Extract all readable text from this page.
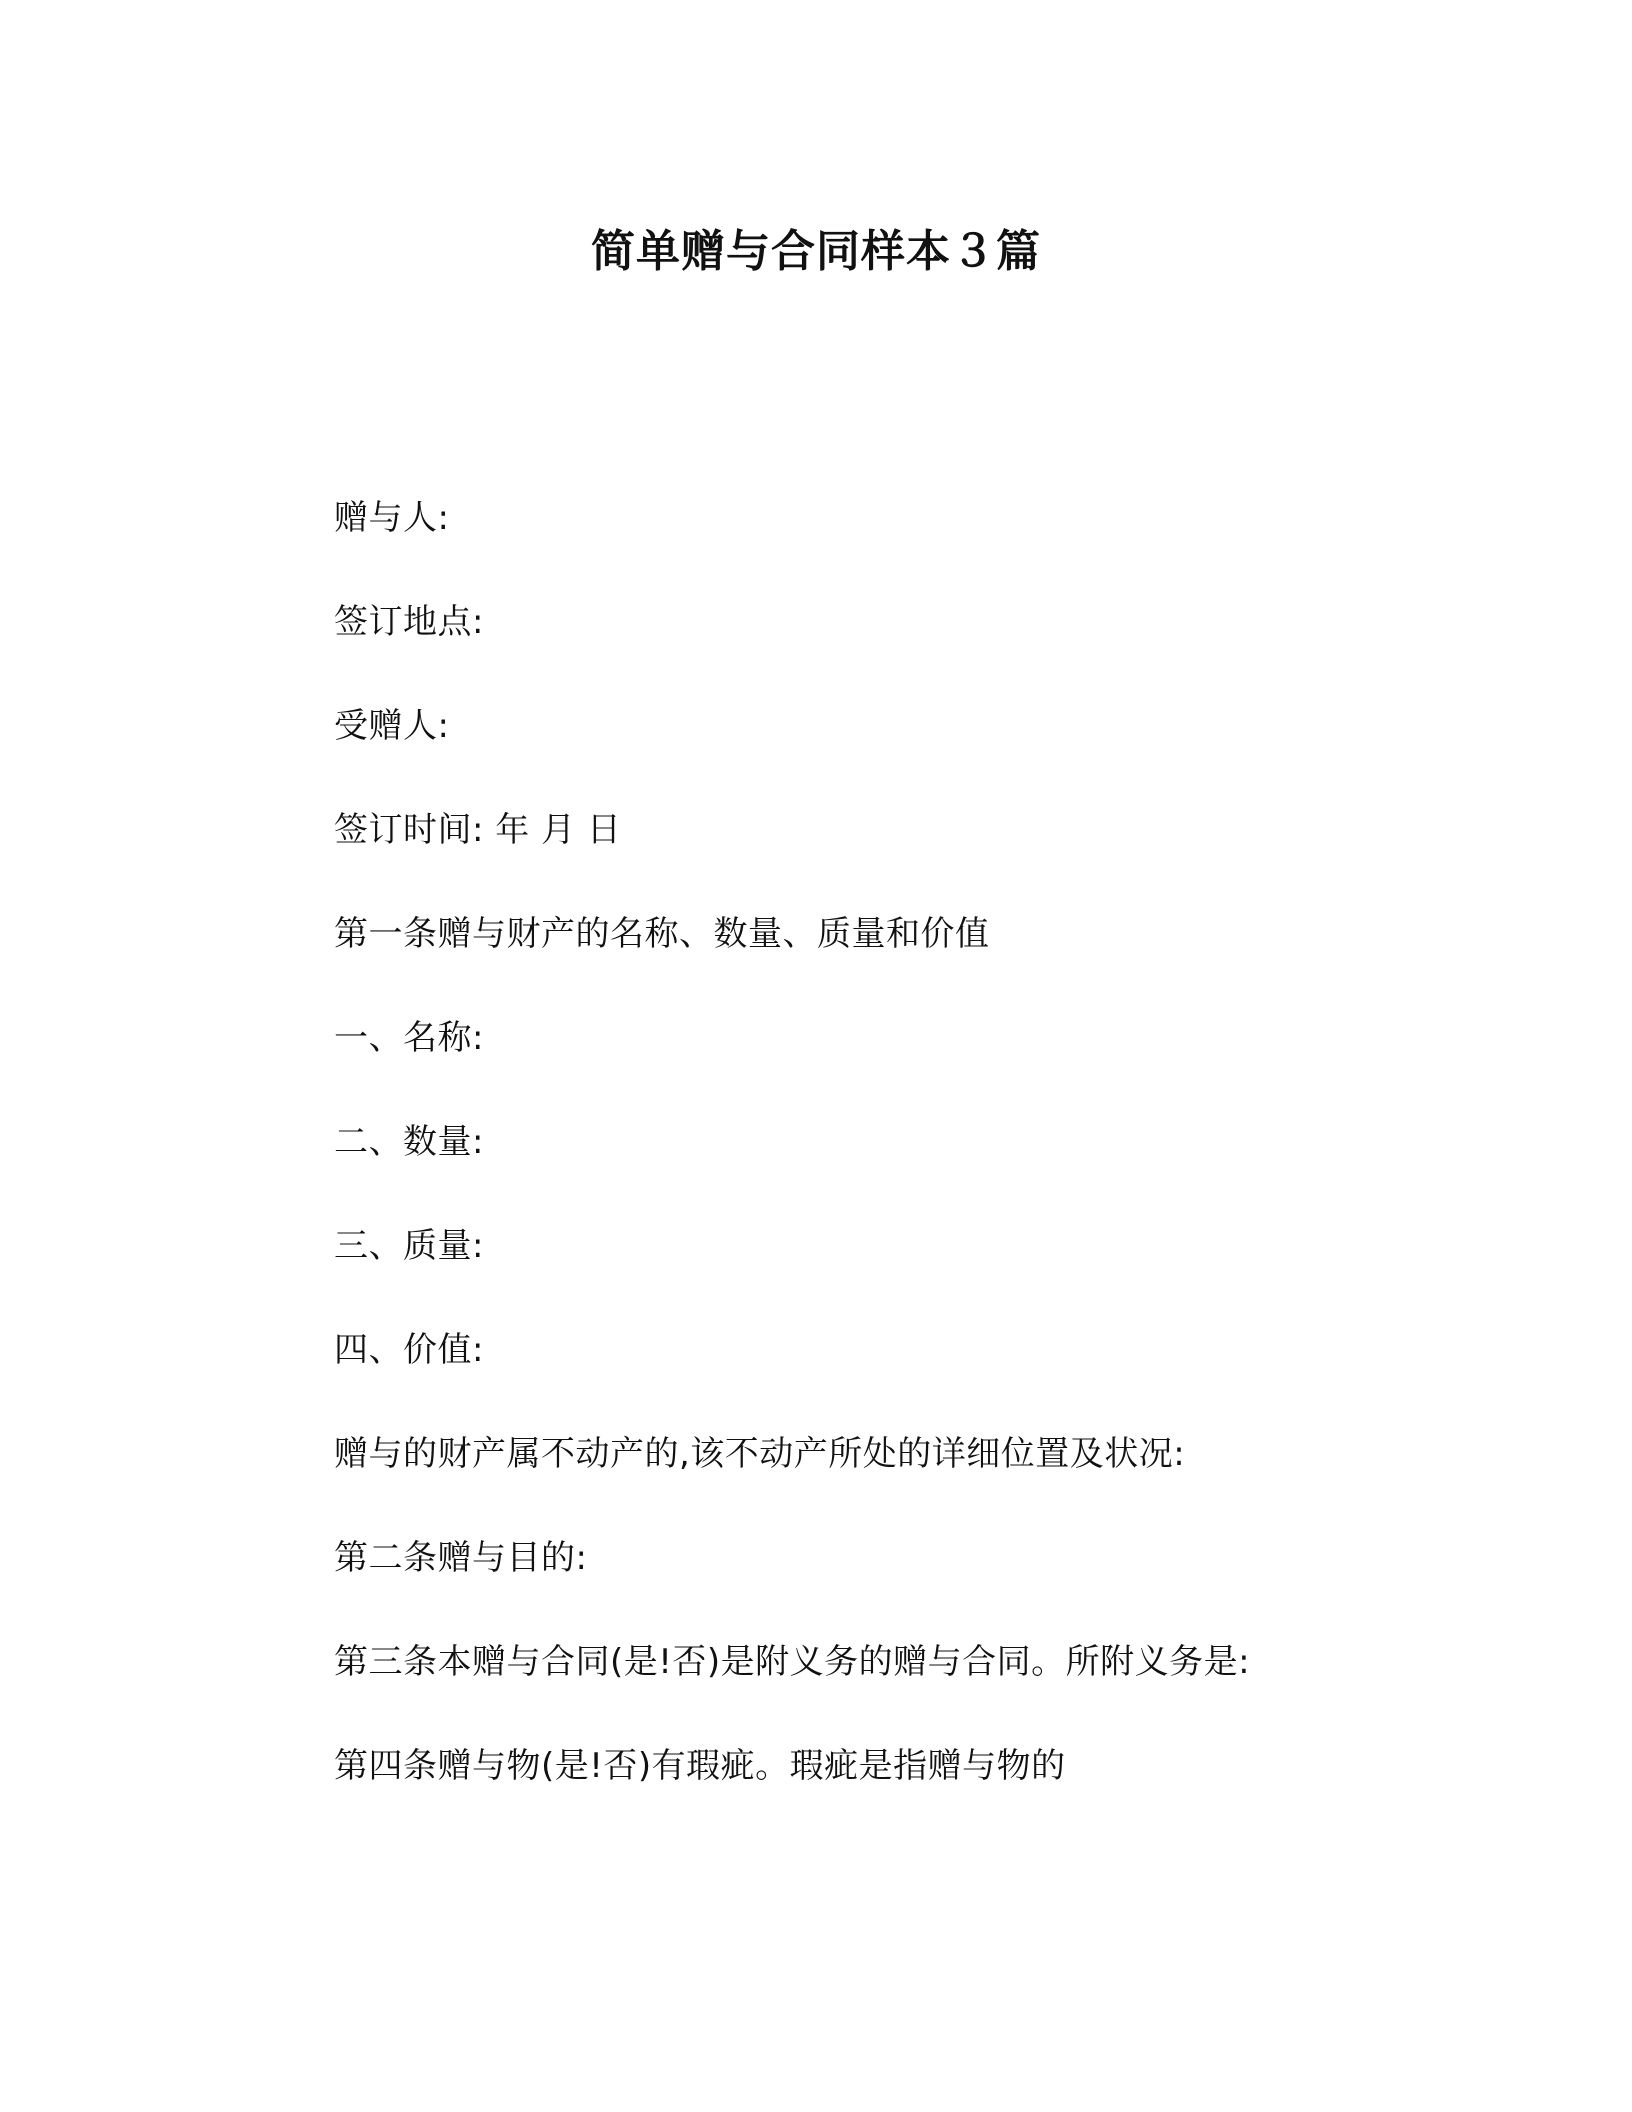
简单赠与合同样本３篇
赠与人:
签订地点:
受赠人:
签订时间: 年 月 日
第一条赠与财产的名称、数量、质量和价值
一、名称:
二、数量:
三、质量:
四、价值:
赠与的财产属不动产的,该不动产所处的详细位置及状况:
第二条赠与目的:
第三条本赠与合同(是!否)是附义务的赠与合同。所附义务是:
第四条赠与物(是!否)有瑕疵。瑕疵是指赠与物的
